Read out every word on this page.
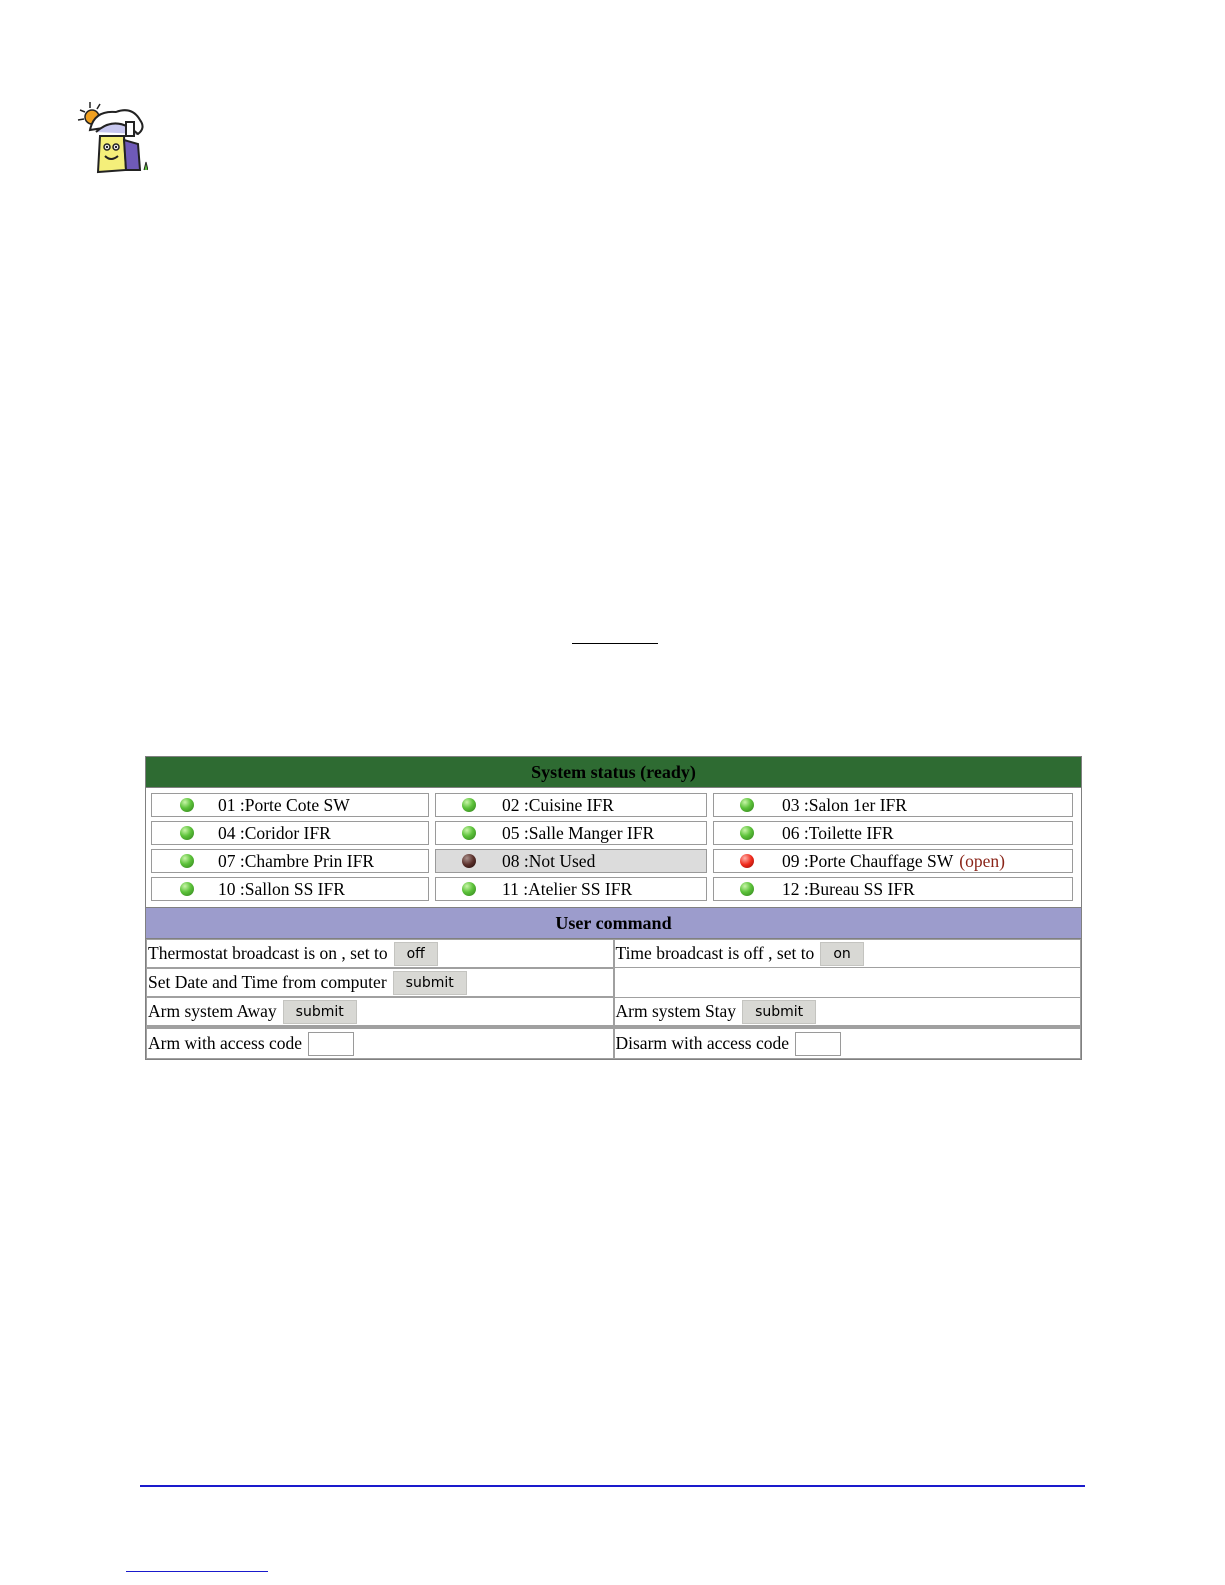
System status (ready)
01 :Porte Cote SW	02 :Cuisine IFR	03 :Salon 1er IFR
04 :Coridor IFR	05 :Salle Manger IFR	06 :Toilette IFR
07 :Chambre Prin IFR	08 :Not Used	09 :Porte Chauffage SW (open)
10 :Sallon SS IFR	11 :Atelier SS IFR	12 :Bureau SS IFR
User command
Thermostat broadcast is on , set to	off	Time broadcast is off , set to	on
Set Date and Time from computer	submit
Arm system Away	submit	Arm system Stay	submit
Arm with access code	Disarm with access code
